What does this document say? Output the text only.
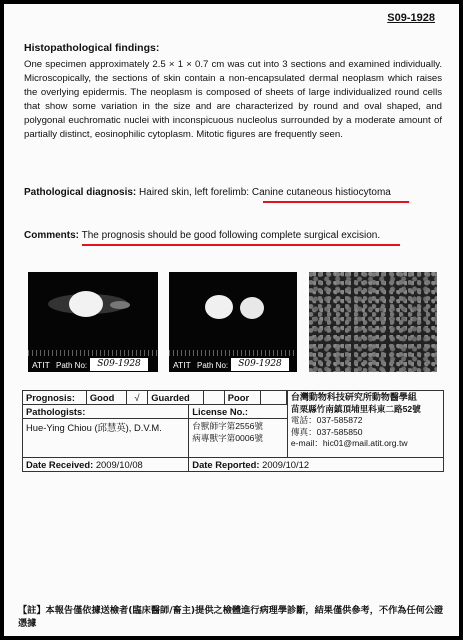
S09-1928
Histopathological findings:
One specimen approximately 2.5 × 1 × 0.7 cm was cut into 3 sections and examined individually. Microscopically, the sections of skin contain a non-encapsulated dermal neoplasm which raises the overlying epidermis. The neoplasm is composed of sheets of large individualized round cells that show some variation in the size and are characterized by round and oval shaped, and polygonal euchromatic nuclei with inconspicuous nucleolus surrounded by a moderate amount of partially distinct, eosinophilic cytoplasm. Mitotic figures are frequently seen.
Pathological diagnosis: Haired skin, left forelimb: Canine cutaneous histiocytoma
Comments: The prognosis should be good following complete surgical excision.
ATIT Path No:	S09-1928	ATIT Path No:	S09-1928
Prognosis:	Good	√	Guarded		Poor	
		台灣動物科技研究所動物醫學組
苗栗縣竹南鎮頂埔里科東二路52號
電話：037-585872
傳真：037-585850
e-mail：hic01@mail.atit.org.tw

Pathologists:	License No.:
Hue-Ying Chiou (邱慧英), D.V.M.	台獸師字第2556號
病專獸字第0006號

Date Received: 2009/10/08	Date Reported: 2009/10/12
【註】本報告僅依據送檢者(臨床醫師/畜主)提供之檢體進行病理學診斷，結果僅供參考，不作為任何公證憑據
